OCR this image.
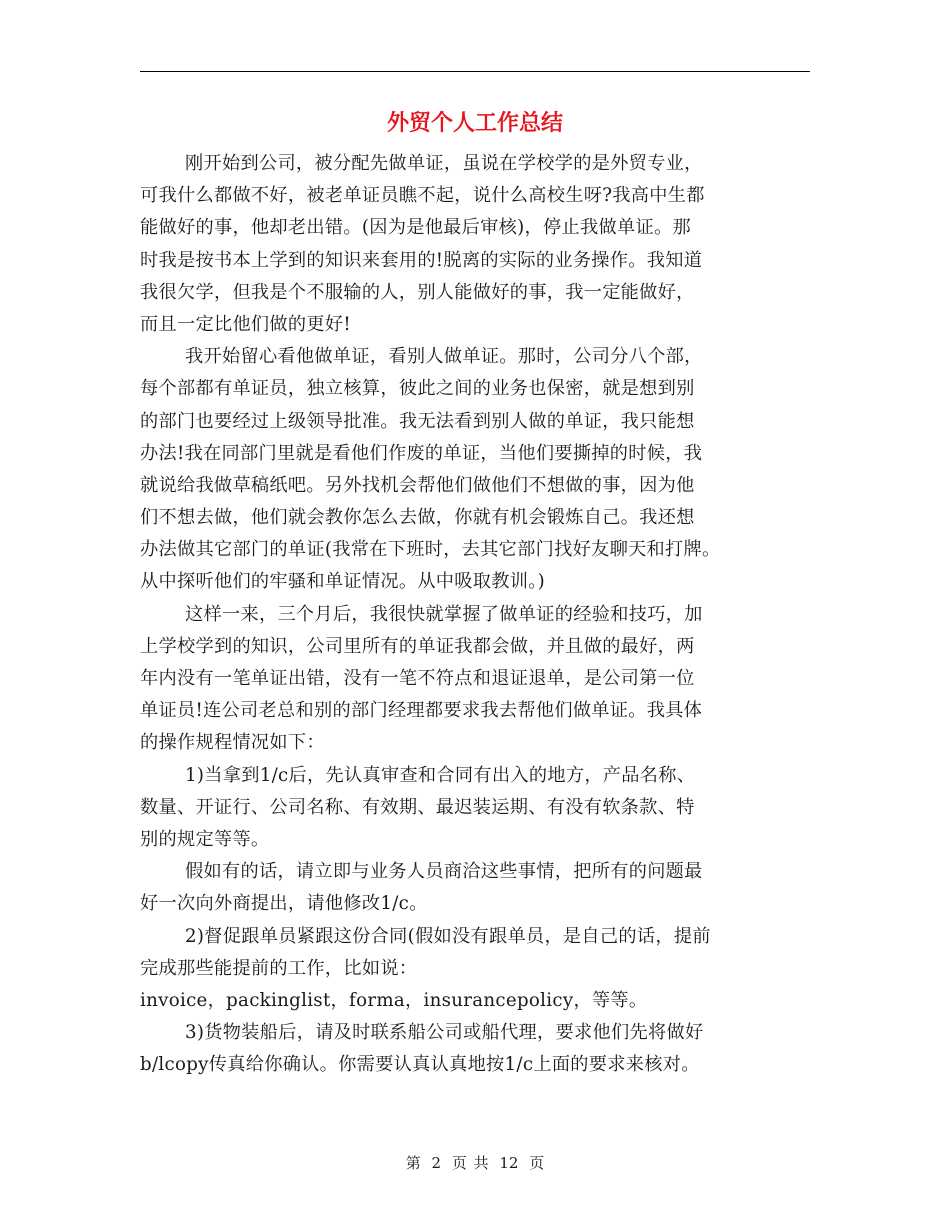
外贸个人工作总结
刚开始到公司，被分配先做单证，虽说在学校学的是外贸专业，
可我什么都做不好，被老单证员瞧不起，说什么高校生呀?我高中生都
能做好的事，他却老出错。(因为是他最后审核)，停止我做单证。那
时我是按书本上学到的知识来套用的!脱离的实际的业务操作。我知道
我很欠学，但我是个不服输的人，别人能做好的事，我一定能做好，
而且一定比他们做的更好!
我开始留心看他做单证，看别人做单证。那时，公司分八个部，
每个部都有单证员，独立核算，彼此之间的业务也保密，就是想到别
的部门也要经过上级领导批准。我无法看到别人做的单证，我只能想
办法!我在同部门里就是看他们作废的单证，当他们要撕掉的时候，我
就说给我做草稿纸吧。另外找机会帮他们做他们不想做的事，因为他
们不想去做，他们就会教你怎么去做，你就有机会锻炼自己。我还想
办法做其它部门的单证(我常在下班时，去其它部门找好友聊天和打牌。
从中探听他们的牢骚和单证情况。从中吸取教训。)
这样一来，三个月后，我很快就掌握了做单证的经验和技巧，加
上学校学到的知识，公司里所有的单证我都会做，并且做的最好，两
年内没有一笔单证出错，没有一笔不符点和退证退单，是公司第一位
单证员!连公司老总和别的部门经理都要求我去帮他们做单证。我具体
的操作规程情况如下：
1)当拿到1/c后，先认真审查和合同有出入的地方，产品名称、
数量、开证行、公司名称、有效期、最迟装运期、有没有软条款、特
别的规定等等。
假如有的话，请立即与业务人员商洽这些事情，把所有的问题最
好一次向外商提出，请他修改1/c。
2)督促跟单员紧跟这份合同(假如没有跟单员，是自己的话，提前
完成那些能提前的工作，比如说：
invoice，packinglist，forma，insurancepolicy，等等。
3)货物装船后，请及时联系船公司或船代理，要求他们先将做好
b/lcopy传真给你确认。你需要认真认真地按1/c上面的要求来核对。
第 2 页 共 12 页
